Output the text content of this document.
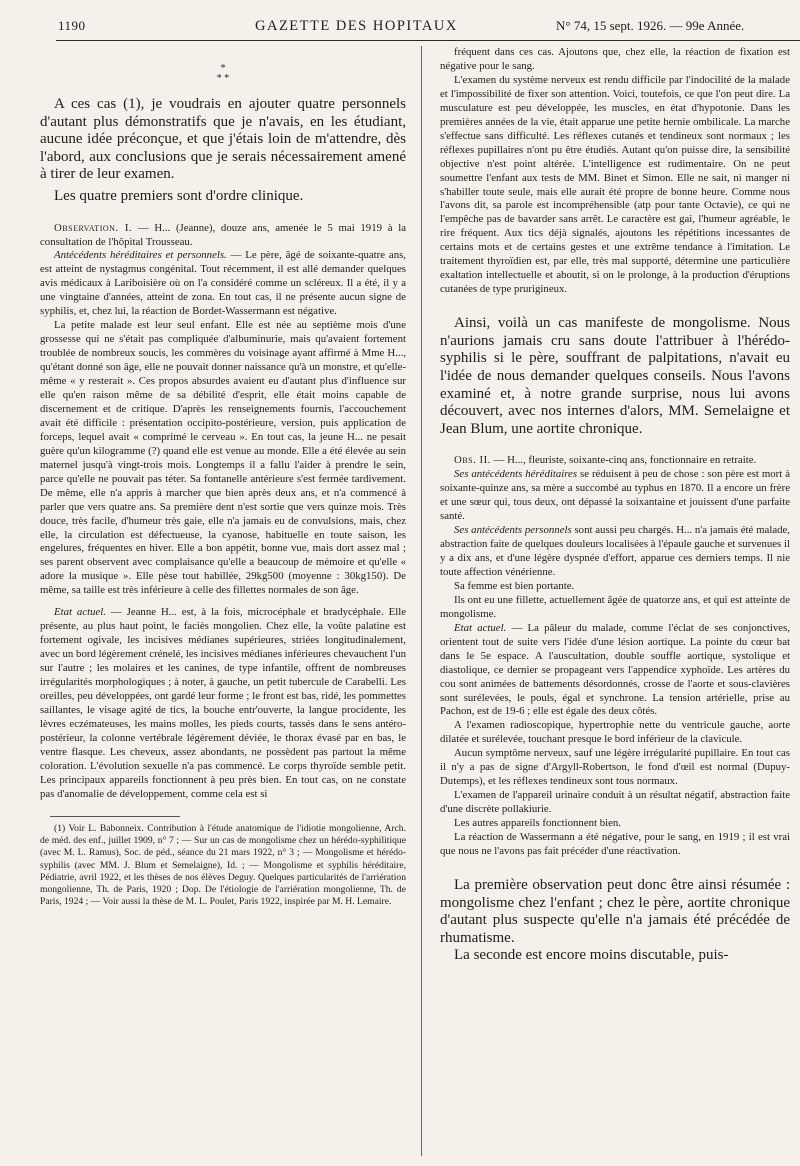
1190	GAZETTE DES HOPITAUX	N° 74, 15 sept. 1926. — 99e Année.
*
* *

A ces cas (1), je voudrais en ajouter quatre personnels d'autant plus démonstratifs que je n'avais, en les étudiant, aucune idée préconçue, et que j'étais loin de m'attendre, dès l'abord, aux conclusions que je serais nécessairement amené à tirer de leur examen.

Les quatre premiers sont d'ordre clinique.

Observation. I. — H... (Jeanne), douze ans, amenée le 5 mai 1919 à la consultation de l'hôpital Trousseau.

Antécédents héréditaires et personnels. — Le père, âgé de soixante-quatre ans, est atteint de nystagmus congénital. Tout récemment, il est allé demander quelques avis médicaux à Lariboisière où on l'a considéré comme un scléreux. Il a été, il y a une vingtaine d'années, atteint de zona. En tout cas, il ne présente aucun signe de syphilis, et, chez lui, la réaction de Bordet-Wassermann est négative.

La petite malade est leur seul enfant. Elle est née au septième mois d'une grossesse qui ne s'était pas compliquée d'albuminurie, mais qu'avaient fortement troublée de nombreux soucis, les commères du voisinage ayant affirmé à Mme H..., qu'étant donné son âge, elle ne pouvait donner naissance qu'à un monstre, et qu'elle-même « y resterait ». Ces propos absurdes avaient eu d'autant plus d'influence sur elle qu'en raison même de sa débilité d'esprit, elle était moins capable de discernement et de critique. D'après les renseignements fournis, l'accouchement avait été difficile : présentation occipito-postérieure, version, puis application de forceps, lequel avait « comprimé le cerveau ». En tout cas, la jeune H... ne pesait guère qu'un kilogramme (?) quand elle est venue au monde. Elle a été élevée au sein maternel jusqu'à vingt-trois mois. Longtemps il a fallu l'aider à prendre le sein, parce qu'elle ne pouvait pas téter. Sa fontanelle antérieure s'est fermée tardivement. De même, elle n'a appris à marcher que bien après deux ans, et n'a commencé à parler que vers quatre ans. Sa première dent n'est sortie que vers quinze mois. Très douce, très facile, d'humeur très gaie, elle n'a jamais eu de convulsions, mais, chez elle, la circulation est défectueuse, la cyanose, habituelle en toute saison, les engelures, fréquentes en hiver. Elle a bon appétit, bonne vue, mais dort assez mal ; ses parent observent avec complaisance qu'elle a beaucoup de mémoire et qu'elle « adore la musique ». Elle pèse tout habillée, 29kg500 (moyenne : 30kg150). De même, sa taille est très inférieure à celle des fillettes normales de son âge.

Etat actuel. — Jeanne H... est, à la fois, microcéphale et bradycéphale. Elle présente, au plus haut point, le faciès mongolien. Chez elle, la voûte palatine est fortement ogivale, les incisives médianes supérieures, striées longitudinalement, avec un bord légèrement crénelé, les incisives médianes inférieures chevauchent l'un sur l'autre ; les molaires et les canines, de type infantile, offrent de nombreuses irrégularités morphologiques ; à noter, à gauche, un petit tubercule de Carabelli. Les oreilles, peu développées, ont gardé leur forme ; le front est bas, ridé, les pommettes saillantes, le visage agité de tics, la bouche entr'ouverte, la langue procidente, les lèvres eczémateuses, les mains molles, les pieds courts, tassés dans le sens antéro-postérieur, la colonne vertébrale légèrement déviée, le thorax évasé par en bas, le ventre flasque. Les cheveux, assez abondants, ne possèdent pas partout la même coloration. L'évolution sexuelle n'a pas commencé. Le corps thyroïde semble petit. Les principaux appareils fonctionnent à peu près bien. En tout cas, on ne constate pas d'anomalie de développement, comme cela est si

(1) Voir L. Babonneix. Contribution à l'étude anatomique de l'idiotie mongolienne, Arch. de méd. des enf., juillet 1909, n° 7 ; — Sur un cas de mongolisme chez un hérédo-syphilitique (avec M. L. Ramus), Soc. de péd., séance du 21 mars 1922, n° 3 ; — Mongolisme et hérédo-syphilis (avec MM. J. Blum et Semelaigne), Id. ; — Mongolisme et syphilis héréditaire, Pédiatrie, avril 1922, et les thèses de nos élèves Deguy. Quelques particularités de l'arriération mongolienne, Th. de Paris, 1920 ; Dop. De l'étiologie de l'arriération mongolienne, Th. de Paris, 1924 ; — Voir aussi la thèse de M. L. Poulet, Paris 1922, inspirée par M. H. Lemaire.

fréquent dans ces cas. Ajoutons que, chez elle, la réaction de fixation est négative pour le sang.

L'examen du système nerveux est rendu difficile par l'indocilité de la malade et l'impossibilité de fixer son attention. Voici, toutefois, ce que l'on peut dire. La musculature est peu développée, les muscles, en état d'hypotonie. Dans les premières années de la vie, était apparue une petite hernie ombilicale. La marche s'effectue sans difficulté. Les réflexes cutanés et tendineux sont normaux ; les réflexes pupillaires n'ont pu être étudiés. Autant qu'on puisse dire, la sensibilité objective n'est point altérée. L'intelligence est rudimentaire. On ne peut soumettre l'enfant aux tests de MM. Binet et Simon. Elle ne sait, ni manger ni s'habiller toute seule, mais elle aurait été propre de bonne heure. Comme nous l'avons dit, sa parole est incompréhensible (atp pour tante Octavie), ce qui ne l'empêche pas de bavarder sans arrêt. Le caractère est gai, l'humeur agréable, le rire fréquent. Aux tics déjà signalés, ajoutons les répétitions incessantes de certains mots et de certains gestes et une extrême tendance à l'imitation. Le traitement thyroïdien est, par elle, très mal supporté, détermine une particulière exaltation intellectuelle et aboutit, si on le prolonge, à la production d'éruptions cutanées de type prurigineux.

Ainsi, voilà un cas manifeste de mongolisme. Nous n'aurions jamais cru sans doute l'attribuer à l'hérédo-syphilis si le père, souffrant de palpitations, n'avait eu l'idée de nous demander quelques conseils. Nous l'avons examiné et, à notre grande surprise, nous lui avons découvert, avec nos internes d'alors, MM. Semelaigne et Jean Blum, une aortite chronique.

Obs. II. — H..., fleuriste, soixante-cinq ans, fonctionnaire en retraite.

Ses antécédents héréditaires se réduisent à peu de chose : son père est mort à soixante-quinze ans, sa mère a succombé au typhus en 1870. Il a encore un frère et une sœur qui, tous deux, ont dépassé la soixantaine et jouissent d'une parfaite santé.

Ses antécédents personnels sont aussi peu chargés. H... n'a jamais été malade, abstraction faite de quelques douleurs localisées à l'épaule gauche et survenues il y a dix ans, et d'une légère dyspnée d'effort, apparue ces derniers temps. Il nie toute affection vénérienne.

Sa femme est bien portante.

Ils ont eu une fillette, actuellement âgée de quatorze ans, et qui est atteinte de mongolisme.

Etat actuel. — La pâleur du malade, comme l'éclat de ses conjonctives, orientent tout de suite vers l'idée d'une lésion aortique. La pointe du cœur bat dans le 5e espace. A l'auscultation, double souffle aortique, systolique et diastolique, ce dernier se propageant vers l'appendice xyphoïde. Les artères du cou sont animées de battements désordonnés, crosse de l'aorte et sous-clavières sont surélevées, le pouls, égal et synchrone. La tension artérielle, prise au Pachon, est de 19-6 ; elle est égale des deux côtés.

A l'examen radioscopique, hypertrophie nette du ventricule gauche, aorte dilatée et surélevée, touchant presque le bord inférieur de la clavicule.

Aucun symptôme nerveux, sauf une légère irrégularité pupillaire. En tout cas il n'y a pas de signe d'Argyll-Robertson, le fond d'œil est normal (Dupuy-Dutemps), et les réflexes tendineux sont tous normaux.

L'examen de l'appareil urinaire conduit à un résultat négatif, abstraction faite d'une discrète pollakiurie.

Les autres appareils fonctionnent bien.

La réaction de Wassermann a été négative, pour le sang, en 1919 ; il est vrai que nous ne l'avons pas fait précéder d'une réactivation.

La première observation peut donc être ainsi résumée : mongolisme chez l'enfant ; chez le père, aortite chronique d'autant plus suspecte qu'elle n'a jamais été précédée de rhumatisme.

La seconde est encore moins discutable, puis-
